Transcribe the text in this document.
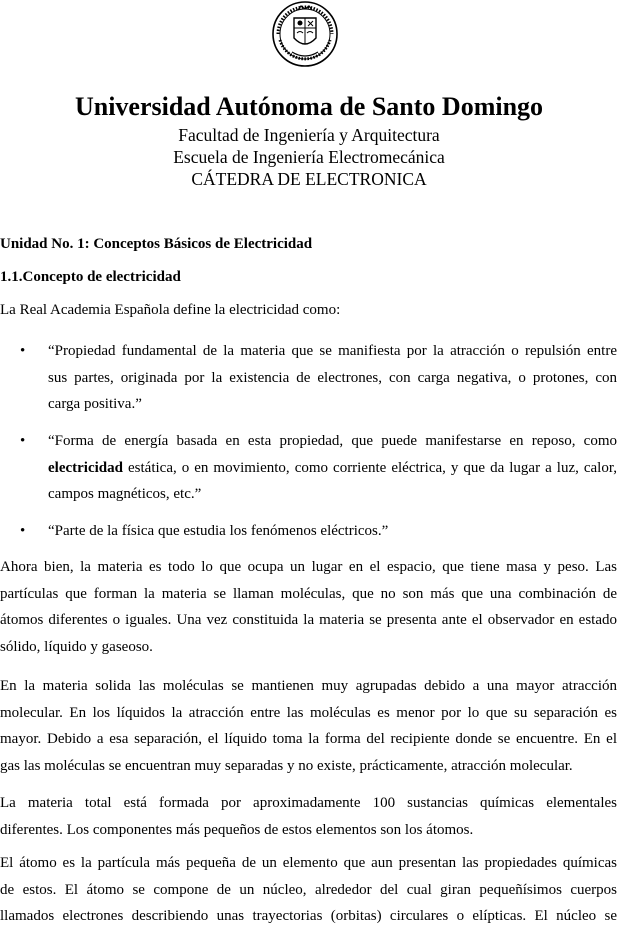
Universidad Autónoma de Santo Domingo
Facultad de Ingeniería y Arquitectura
Escuela de Ingeniería Electromecánica
CÁTEDRA DE ELECTRONICA
Unidad No. 1: Conceptos Básicos de Electricidad
1.1.Concepto de electricidad
La Real Academia Española define la electricidad como:
• “Propiedad fundamental de la materia que se manifiesta por la atracción o repulsión entre
sus partes, originada por la existencia de electrones, con carga negativa, o protones, con
carga positiva.”
• “Forma de energía basada en esta propiedad, que puede manifestarse en reposo, como
electricidad estática, o en movimiento, como corriente eléctrica, y que da lugar a luz, calor,
campos magnéticos, etc.”
• “Parte de la física que estudia los fenómenos eléctricos.”
Ahora bien, la materia es todo lo que ocupa un lugar en el espacio, que tiene masa y peso. Las
partículas que forman la materia se llaman moléculas, que no son más que una combinación de
átomos diferentes o iguales. Una vez constituida la materia se presenta ante el observador en estado
sólido, líquido y gaseoso.
En la materia solida las moléculas se mantienen muy agrupadas debido a una mayor atracción
molecular. En los líquidos la atracción entre las moléculas es menor por lo que su separación es
mayor. Debido a esa separación, el líquido toma la forma del recipiente donde se encuentre. En el
gas las moléculas se encuentran muy separadas y no existe, prácticamente, atracción molecular.
La materia total está formada por aproximadamente 100 sustancias químicas elementales
diferentes. Los componentes más pequeños de estos elementos son los átomos.
El átomo es la partícula más pequeña de un elemento que aun presentan las propiedades químicas
de estos. El átomo se compone de un núcleo, alrededor del cual giran pequeñísimos cuerpos
llamados electrones describiendo unas trayectorias (orbitas) circulares o elípticas. El núcleo se
